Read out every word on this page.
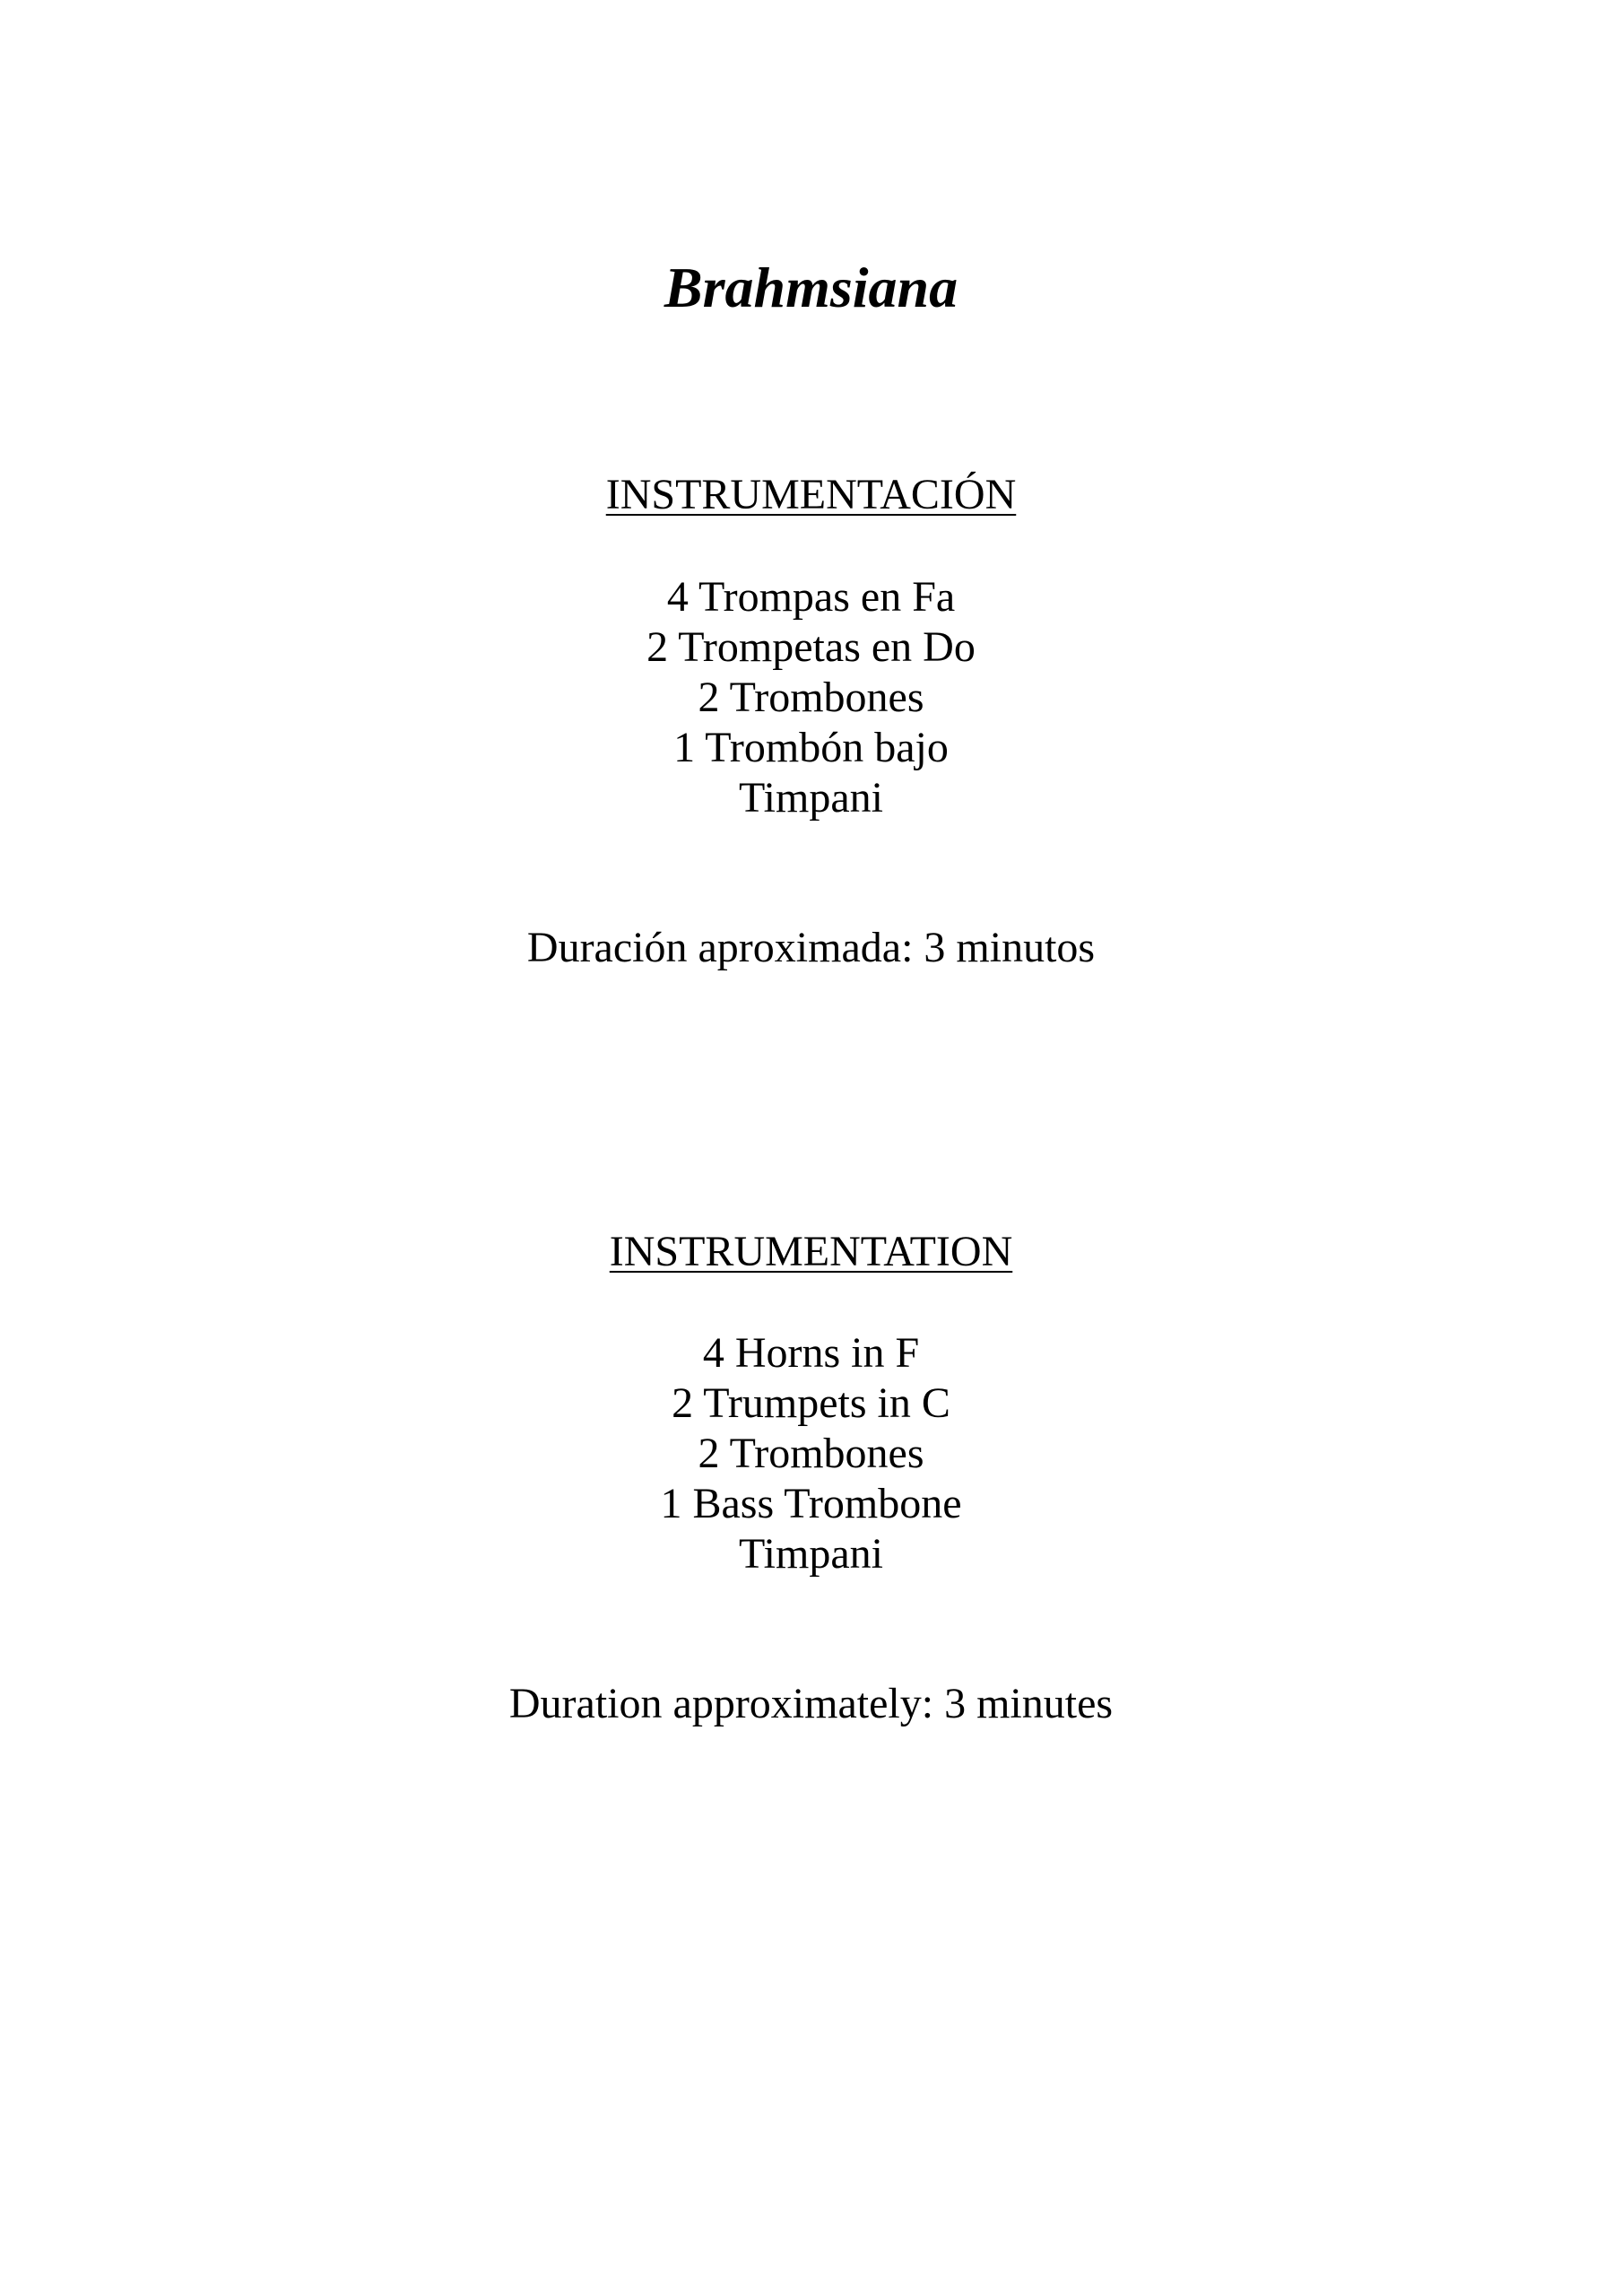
Brahmsiana
INSTRUMENTACIÓN
4 Trompas en Fa
2 Trompetas en Do
2 Trombones
1 Trombón bajo
Timpani
Duración aproximada: 3 minutos
INSTRUMENTATION
4 Horns in F
2 Trumpets in C
2 Trombones
1 Bass Trombone
Timpani
Duration approximately: 3 minutes
